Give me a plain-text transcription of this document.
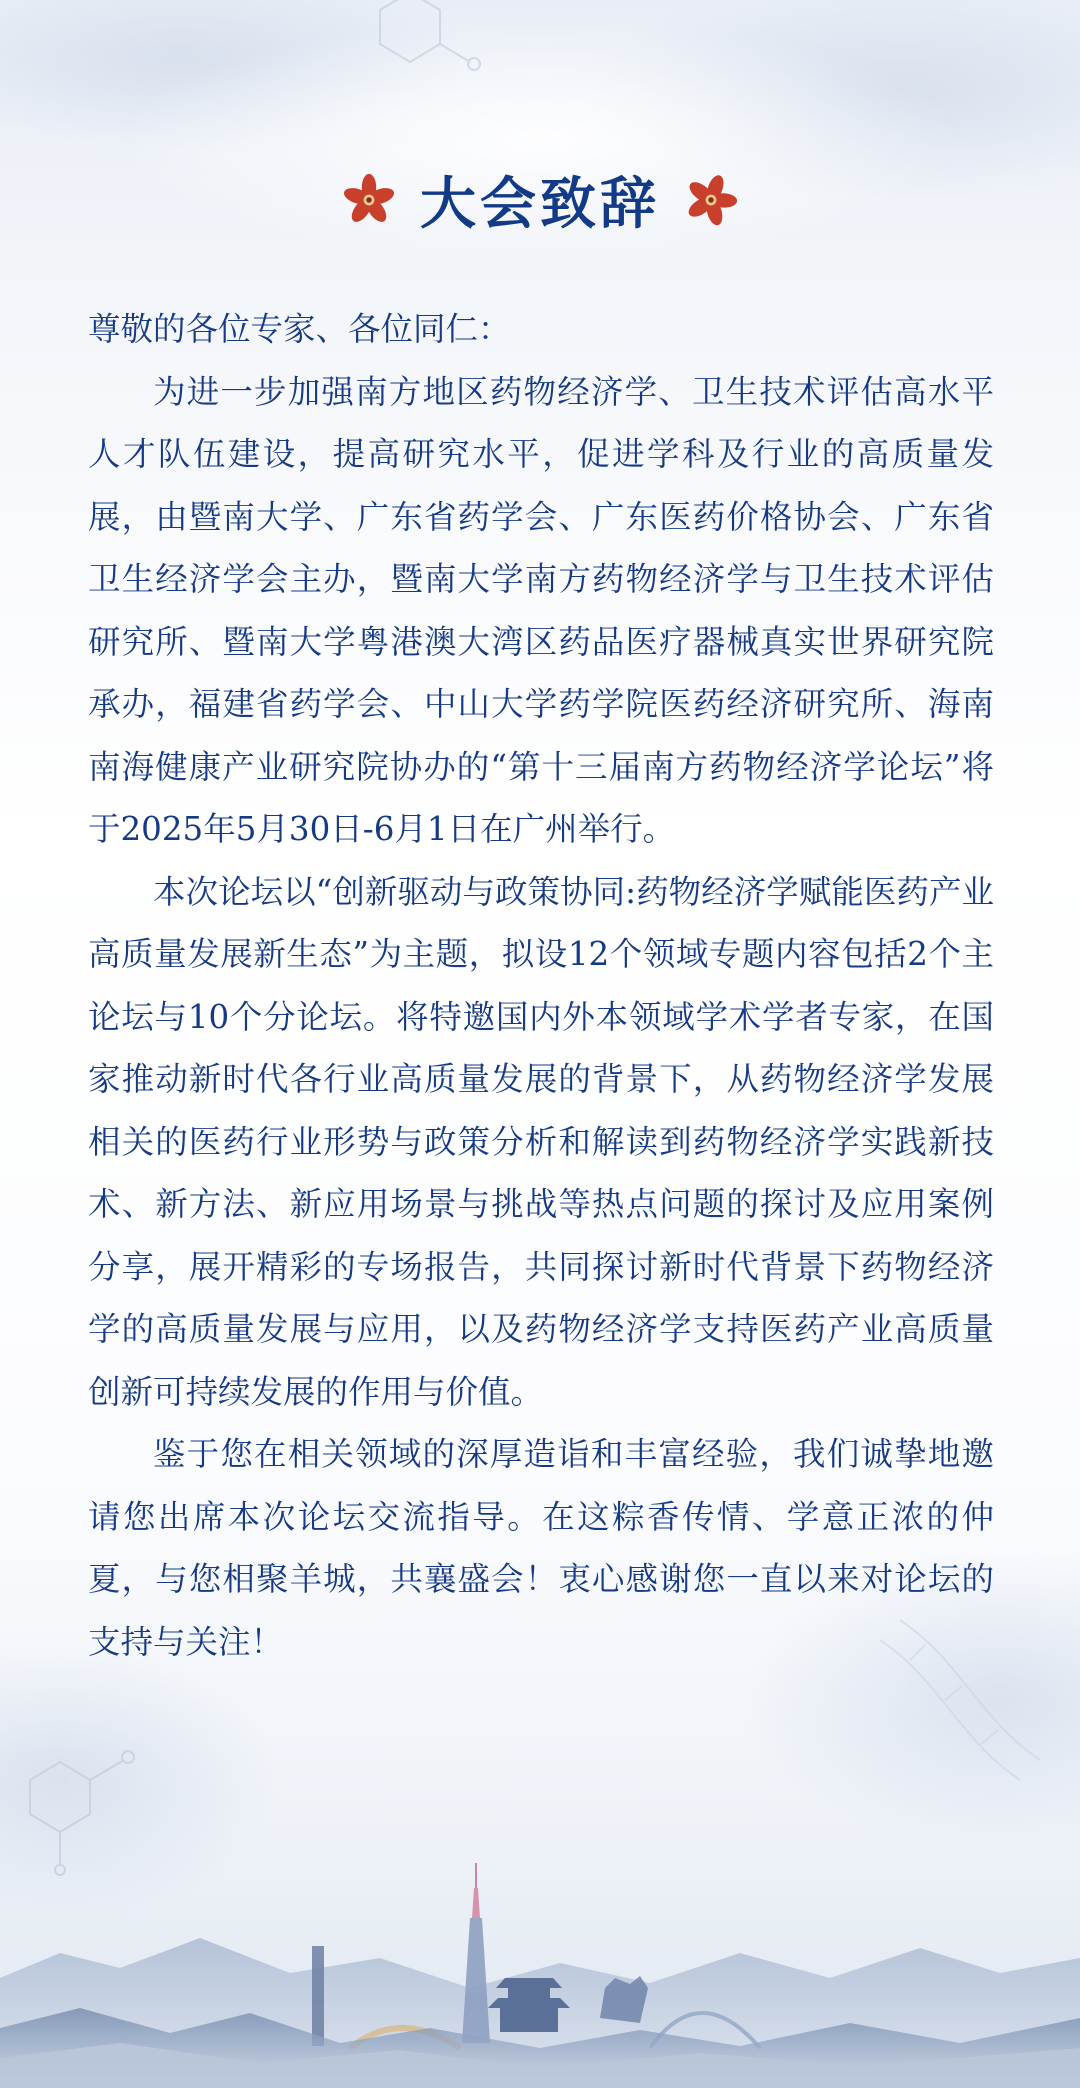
大会致辞

尊敬的各位专家、各位同仁：

为进一步加强南方地区药物经济学、卫生技术评估高水平人才队伍建设，提高研究水平，促进学科及行业的高质量发展，由暨南大学、广东省药学会、广东医药价格协会、广东省卫生经济学会主办，暨南大学南方药物经济学与卫生技术评估研究所、暨南大学粤港澳大湾区药品医疗器械真实世界研究院承办，福建省药学会、中山大学药学院医药经济研究所、海南南海健康产业研究院协办的“第十三届南方药物经济学论坛”将于2025年5月30日-6月1日在广州举行。

本次论坛以“创新驱动与政策协同:药物经济学赋能医药产业高质量发展新生态”为主题，拟设12个领域专题内容包括2个主论坛与10个分论坛。将特邀国内外本领域学术学者专家，在国家推动新时代各行业高质量发展的背景下，从药物经济学发展相关的医药行业形势与政策分析和解读到药物经济学实践新技术、新方法、新应用场景与挑战等热点问题的探讨及应用案例分享，展开精彩的专场报告，共同探讨新时代背景下药物经济学的高质量发展与应用，以及药物经济学支持医药产业高质量创新可持续发展的作用与价值。

鉴于您在相关领域的深厚造诣和丰富经验，我们诚挚地邀请您出席本次论坛交流指导。在这粽香传情、学意正浓的仲夏，与您相聚羊城，共襄盛会！衷心感谢您一直以来对论坛的支持与关注！
